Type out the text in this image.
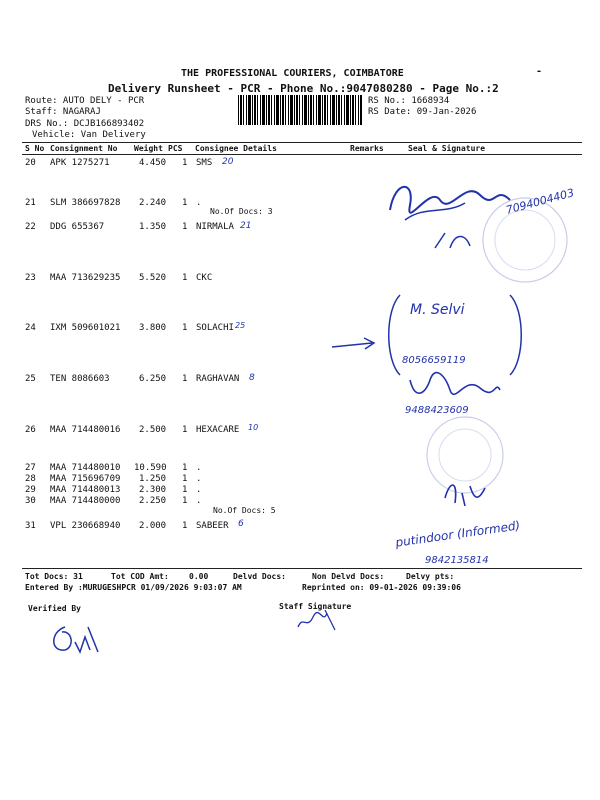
THE PROFESSIONAL COURIERS, COIMBATORE
Delivery Runsheet - PCR - Phone No.:9047080280 - Page No.:2
Route: AUTO DELY - PCR
Staff: NAGARAJ
DRS No.: DCJB166893402
Vehicle: Van Delivery
RS No.: 1668934
RS Date: 09-Jan-2026
-
S No Consignment No Weight PCS Consignee Details	Remarks	Seal & Signature
20 APK 1275271	4.450 1 SMS
21 SLM 386697828 2.240 1 .
No.Of Docs: 3
22 DDG 655367	1.350 1 NIRMALA
23 MAA 713629235 5.520 1 CKC
24 IXM 509601021 3.800 1 SOLACHI
25 TEN 8086603	6.250 1 RAGHAVAN
26 MAA 714480016 2.500 1 HEXACARE
27 MAA 714480010 10.590 1 .
28 MAA 715696709 1.250 1 .
29 MAA 714480013 2.300 1 .
30 MAA 714480000 2.250 1 .
No.Of Docs: 5
31 VPL 230668940 2.000 1 SABEER
20
21
25
8
10
6
7094004403
M. Selvi
8056659119
9488423609
putindoor (Informed)
9842135814
Tot Docs: 31	Tot COD Amt:	0.00	Delvd Docs:	Non Delvd Docs:	Delvy pts:
Entered By :MURUGESHPCR 01/09/2026 9:03:07 AM	Reprinted on: 09-01-2026 09:39:06
Verified By	Staff Signature
